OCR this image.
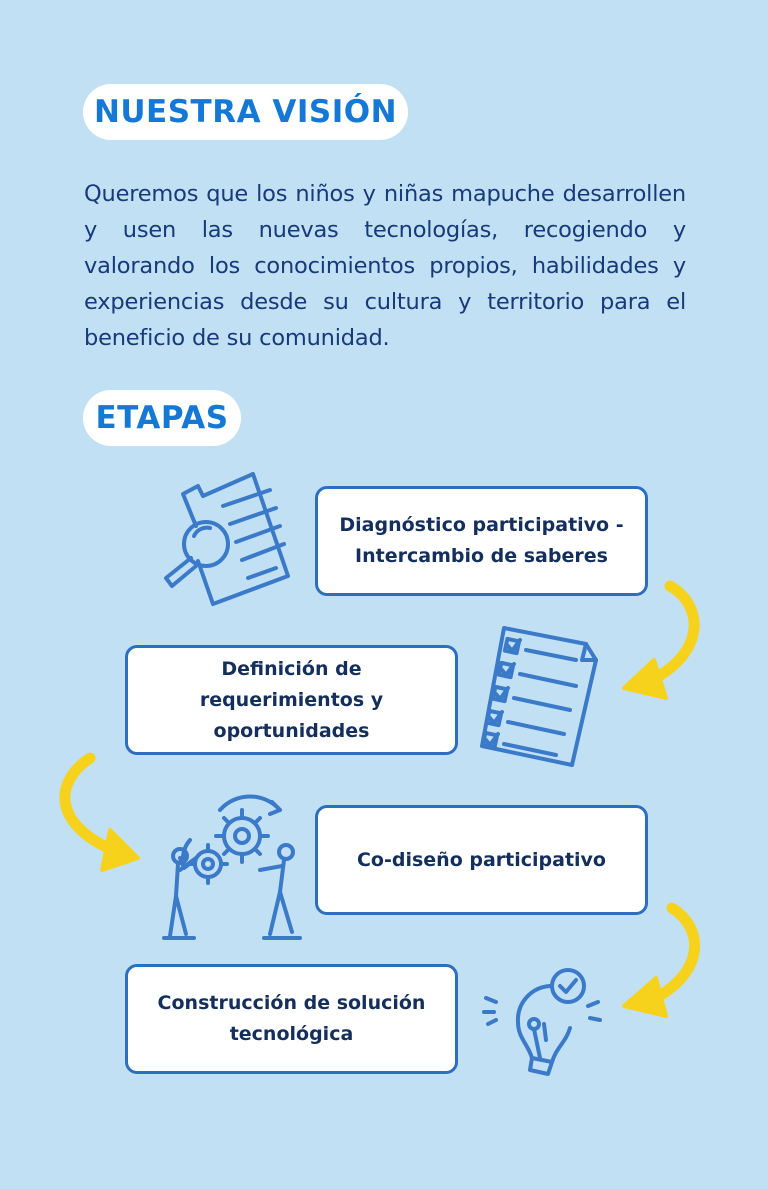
NUESTRA VISIÓN
Queremos que los niños y niñas mapuche desarrollen y usen las nuevas tecnologías, recogiendo y valorando los conocimientos propios, habilidades y experiencias desde su cultura y territorio para el beneficio de su comunidad.
ETAPAS
Diagnóstico participativo - Intercambio de saberes
Definición de requerimientos y oportunidades
Co-diseño participativo
Construcción de solución tecnológica
